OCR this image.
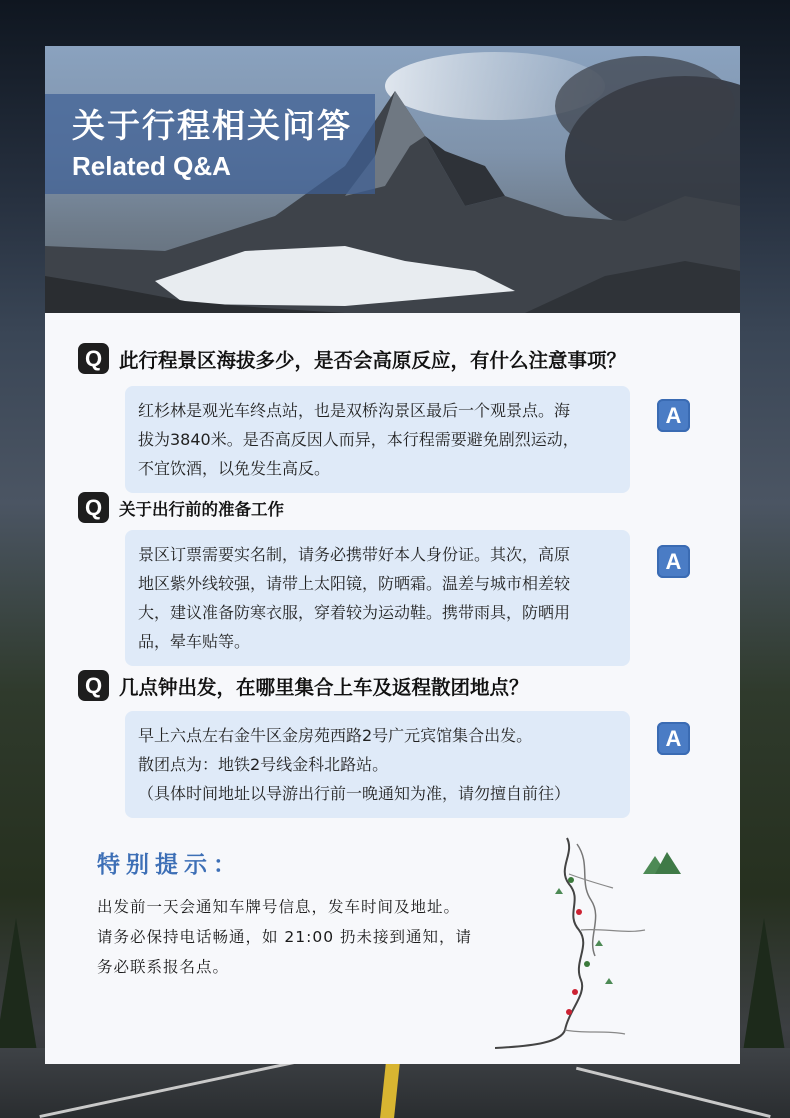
关于行程相关问答
Related Q&A
Q 此行程景区海拔多少，是否会高原反应，有什么注意事项？
红杉林是观光车终点站，也是双桥沟景区最后一个观景点。海
拔为3840米。是否高反因人而异，本行程需要避免剧烈运动，
不宜饮酒，以免发生高反。
A
Q	关于出行前的准备工作
景区订票需要实名制，请务必携带好本人身份证。其次，高原
地区紫外线较强，请带上太阳镜，防晒霜。温差与城市相差较
大，建议准备防寒衣服，穿着较为运动鞋。携带雨具，防晒用
品，晕车贴等。
A
Q 几点钟出发，在哪里集合上车及返程散团地点？
早上六点左右金牛区金房苑西路2号广元宾馆集合出发。
散团点为：地铁2号线金科北路站。
（具体时间地址以导游出行前一晚通知为准，请勿擅自前往）
A
特别提示：
出发前一天会通知车牌号信息，发车时间及地址。
请务必保持电话畅通，如 21:00 扔未接到通知，请
务必联系报名点。
